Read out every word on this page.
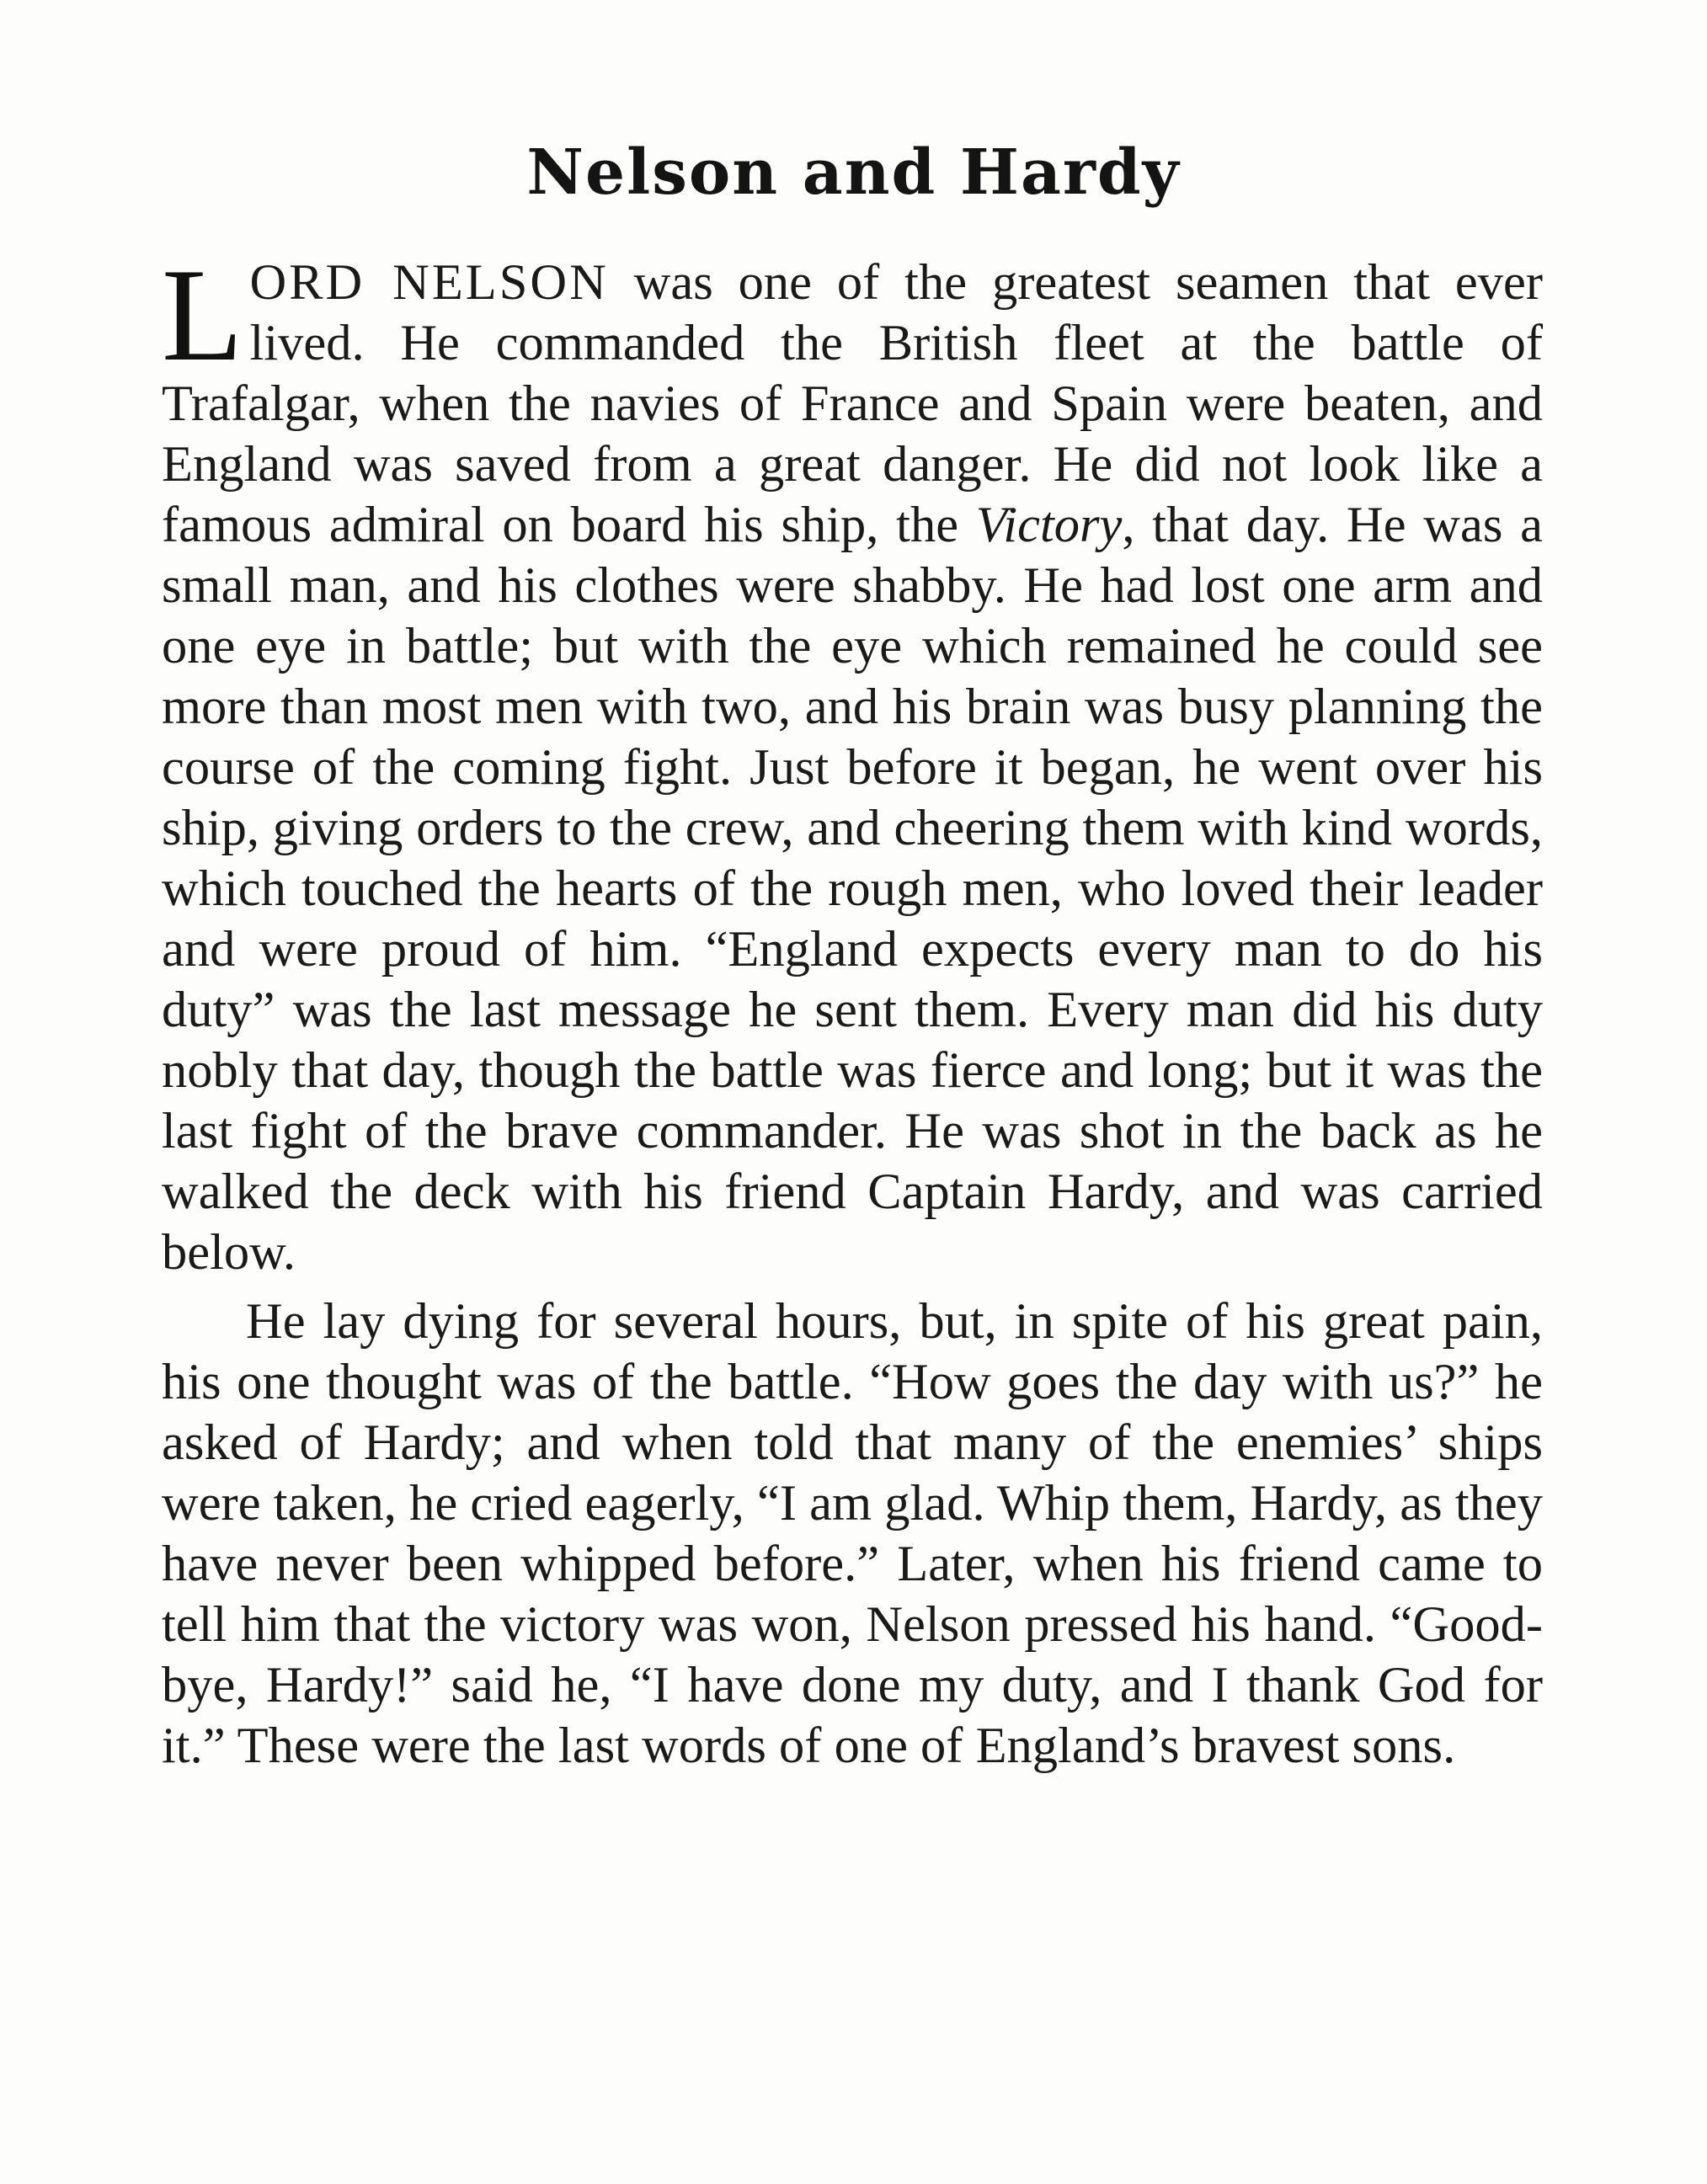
Nelson and Hardy

LORD NELSON was one of the greatest seamen that ever lived. He commanded the British fleet at the battle of Trafalgar, when the navies of France and Spain were beaten, and England was saved from a great danger. He did not look like a famous admiral on board his ship, the Victory, that day. He was a small man, and his clothes were shabby. He had lost one arm and one eye in battle; but with the eye which remained he could see more than most men with two, and his brain was busy planning the course of the coming fight. Just before it began, he went over his ship, giving orders to the crew, and cheering them with kind words, which touched the hearts of the rough men, who loved their leader and were proud of him. “England expects every man to do his duty” was the last message he sent them. Every man did his duty nobly that day, though the battle was fierce and long; but it was the last fight of the brave commander. He was shot in the back as he walked the deck with his friend Captain Hardy, and was carried below.

He lay dying for several hours, but, in spite of his great pain, his one thought was of the battle. “How goes the day with us?” he asked of Hardy; and when told that many of the enemies’ ships were taken, he cried eagerly, “I am glad. Whip them, Hardy, as they have never been whipped before.” Later, when his friend came to tell him that the victory was won, Nelson pressed his hand. “Good-bye, Hardy!” said he, “I have done my duty, and I thank God for it.” These were the last words of one of England’s bravest sons.
